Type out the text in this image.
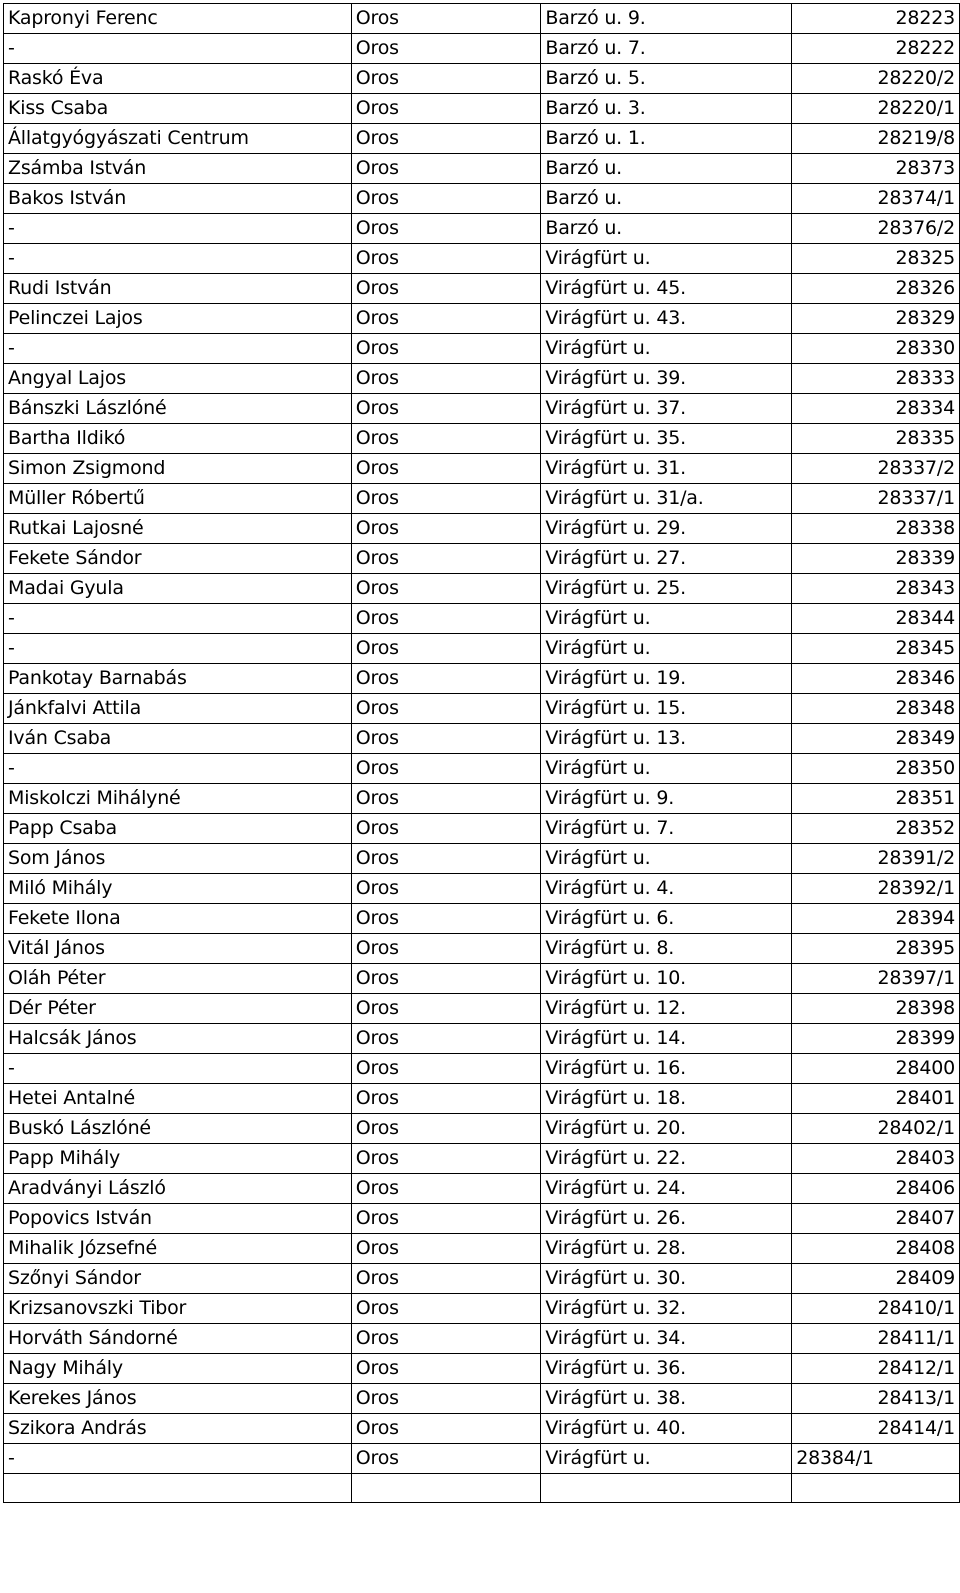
Kapronyi Ferenc	Oros	Barzó u. 9.	28223
-	Oros	Barzó u. 7.	28222
Raskó Éva	Oros	Barzó u. 5.	28220/2
Kiss Csaba	Oros	Barzó u. 3.	28220/1
Állatgyógyászati Centrum	Oros	Barzó u. 1.	28219/8
Zsámba István	Oros	Barzó u.	28373
Bakos István	Oros	Barzó u.	28374/1
-	Oros	Barzó u.	28376/2
-	Oros	Virágfürt u.	28325
Rudi István	Oros	Virágfürt u. 45.	28326
Pelinczei Lajos	Oros	Virágfürt u. 43.	28329
-	Oros	Virágfürt u.	28330
Angyal Lajos	Oros	Virágfürt u. 39.	28333
Bánszki Lászlóné	Oros	Virágfürt u. 37.	28334
Bartha Ildikó	Oros	Virágfürt u. 35.	28335
Simon Zsigmond	Oros	Virágfürt u. 31.	28337/2
Müller Róbertű	Oros	Virágfürt u. 31/a.	28337/1
Rutkai Lajosné	Oros	Virágfürt u. 29.	28338
Fekete Sándor	Oros	Virágfürt u. 27.	28339
Madai Gyula	Oros	Virágfürt u. 25.	28343
-	Oros	Virágfürt u.	28344
-	Oros	Virágfürt u.	28345
Pankotay Barnabás	Oros	Virágfürt u. 19.	28346
Jánkfalvi Attila	Oros	Virágfürt u. 15.	28348
Iván Csaba	Oros	Virágfürt u. 13.	28349
-	Oros	Virágfürt u.	28350
Miskolczi Mihályné	Oros	Virágfürt u. 9.	28351
Papp Csaba	Oros	Virágfürt u. 7.	28352
Som János	Oros	Virágfürt u.	28391/2
Miló Mihály	Oros	Virágfürt u. 4.	28392/1
Fekete Ilona	Oros	Virágfürt u. 6.	28394
Vitál János	Oros	Virágfürt u. 8.	28395
Oláh Péter	Oros	Virágfürt u. 10.	28397/1
Dér Péter	Oros	Virágfürt u. 12.	28398
Halcsák János	Oros	Virágfürt u. 14.	28399
-	Oros	Virágfürt u. 16.	28400
Hetei Antalné	Oros	Virágfürt u. 18.	28401
Buskó Lászlóné	Oros	Virágfürt u. 20.	28402/1
Papp Mihály	Oros	Virágfürt u. 22.	28403
Aradványi László	Oros	Virágfürt u. 24.	28406
Popovics István	Oros	Virágfürt u. 26.	28407
Mihalik Józsefné	Oros	Virágfürt u. 28.	28408
Szőnyi Sándor	Oros	Virágfürt u. 30.	28409
Krizsanovszki Tibor	Oros	Virágfürt u. 32.	28410/1
Horváth Sándorné	Oros	Virágfürt u. 34.	28411/1
Nagy Mihály	Oros	Virágfürt u. 36.	28412/1
Kerekes János	Oros	Virágfürt u. 38.	28413/1
Szikora András	Oros	Virágfürt u. 40.	28414/1
-	Oros	Virágfürt u.	28384/1
